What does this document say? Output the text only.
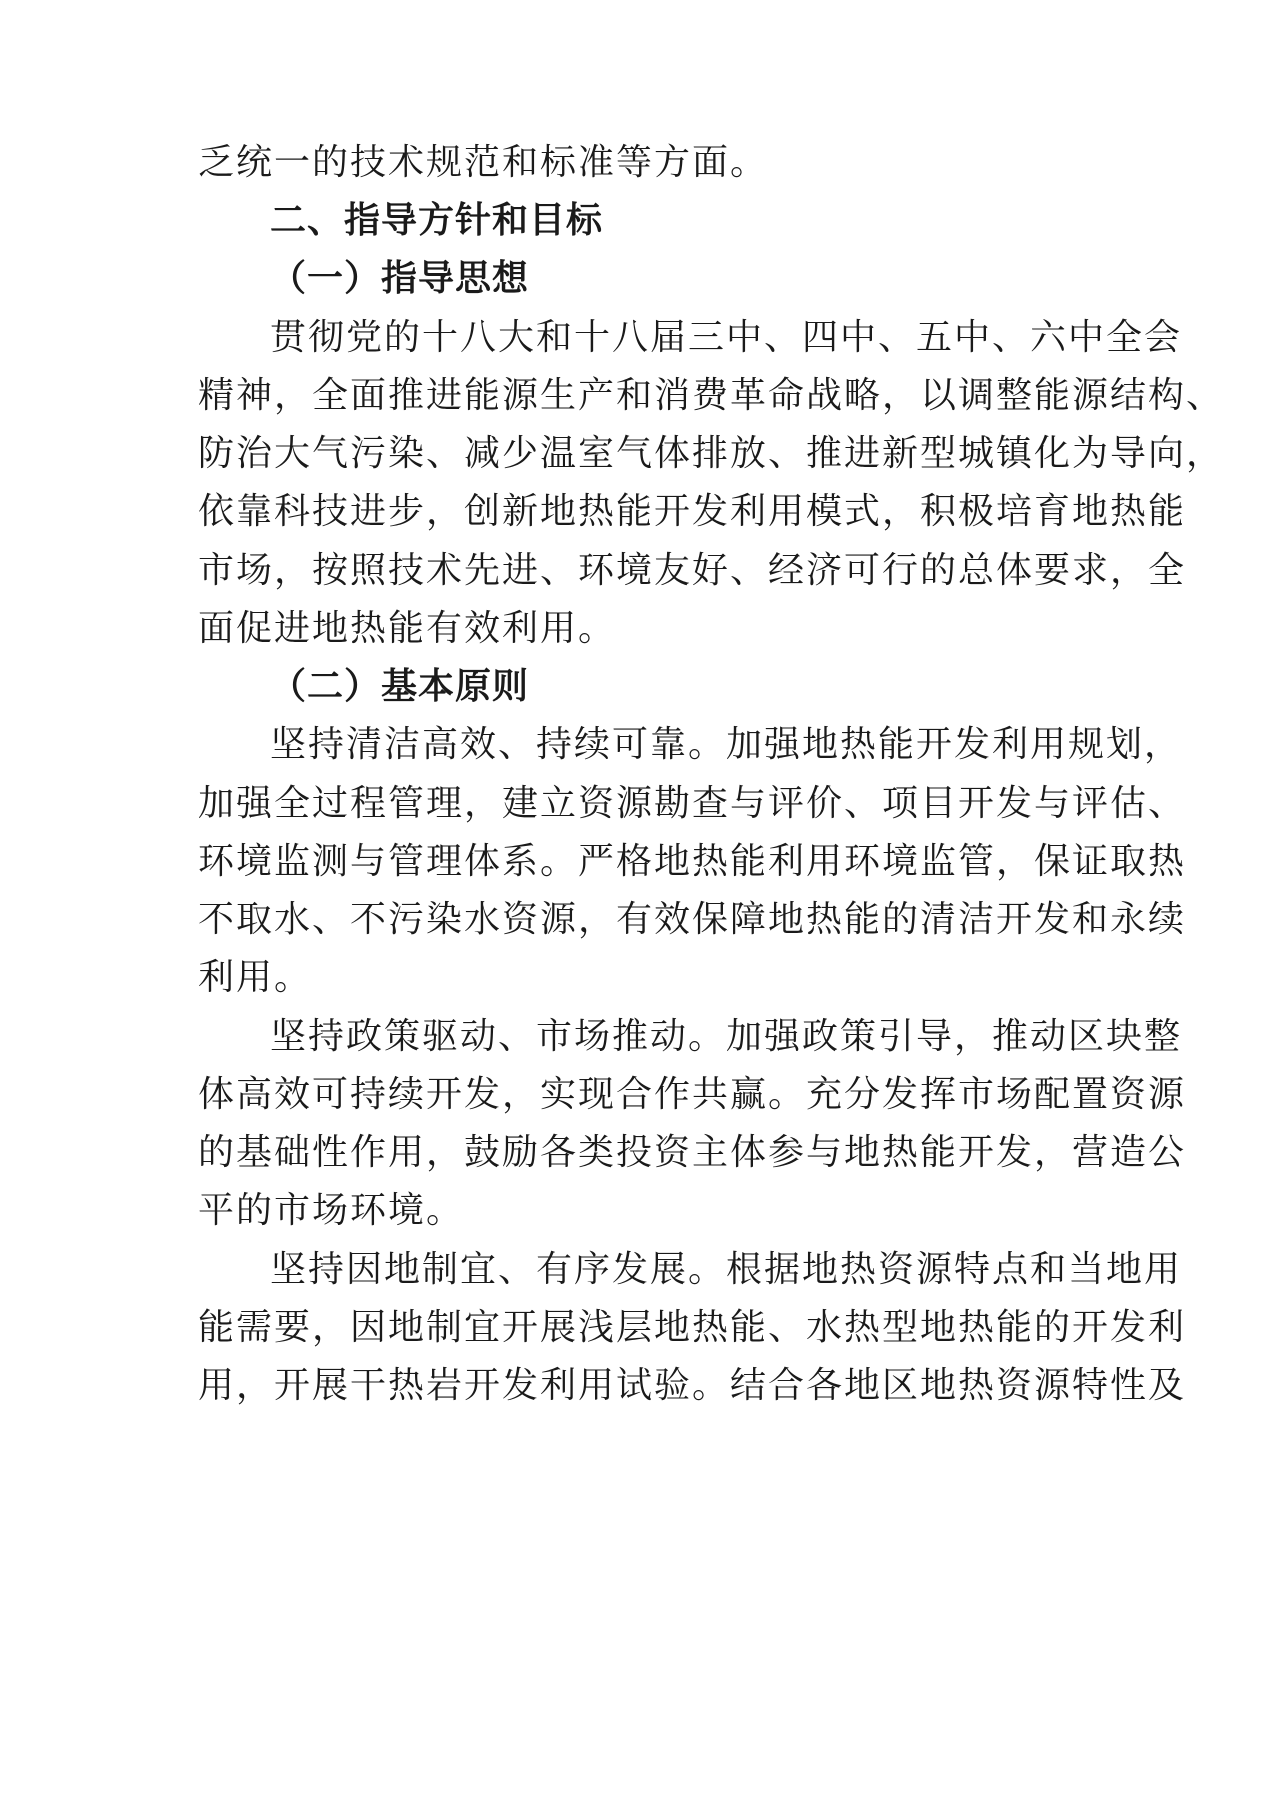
乏统一的技术规范和标准等方面。
二、指导方针和目标
（一）指导思想
贯彻党的十八大和十八届三中、四中、五中、六中全会
精神，全面推进能源生产和消费革命战略，以调整能源结构、
防治大气污染、减少温室气体排放、推进新型城镇化为导向，
依靠科技进步，创新地热能开发利用模式，积极培育地热能
市场，按照技术先进、环境友好、经济可行的总体要求，全
面促进地热能有效利用。
（二）基本原则
坚持清洁高效、持续可靠。加强地热能开发利用规划，
加强全过程管理，建立资源勘查与评价、项目开发与评估、
环境监测与管理体系。严格地热能利用环境监管，保证取热
不取水、不污染水资源，有效保障地热能的清洁开发和永续
利用。
坚持政策驱动、市场推动。加强政策引导，推动区块整
体高效可持续开发，实现合作共赢。充分发挥市场配置资源
的基础性作用，鼓励各类投资主体参与地热能开发，营造公
平的市场环境。
坚持因地制宜、有序发展。根据地热资源特点和当地用
能需要，因地制宜开展浅层地热能、水热型地热能的开发利
用，开展干热岩开发利用试验。结合各地区地热资源特性及
